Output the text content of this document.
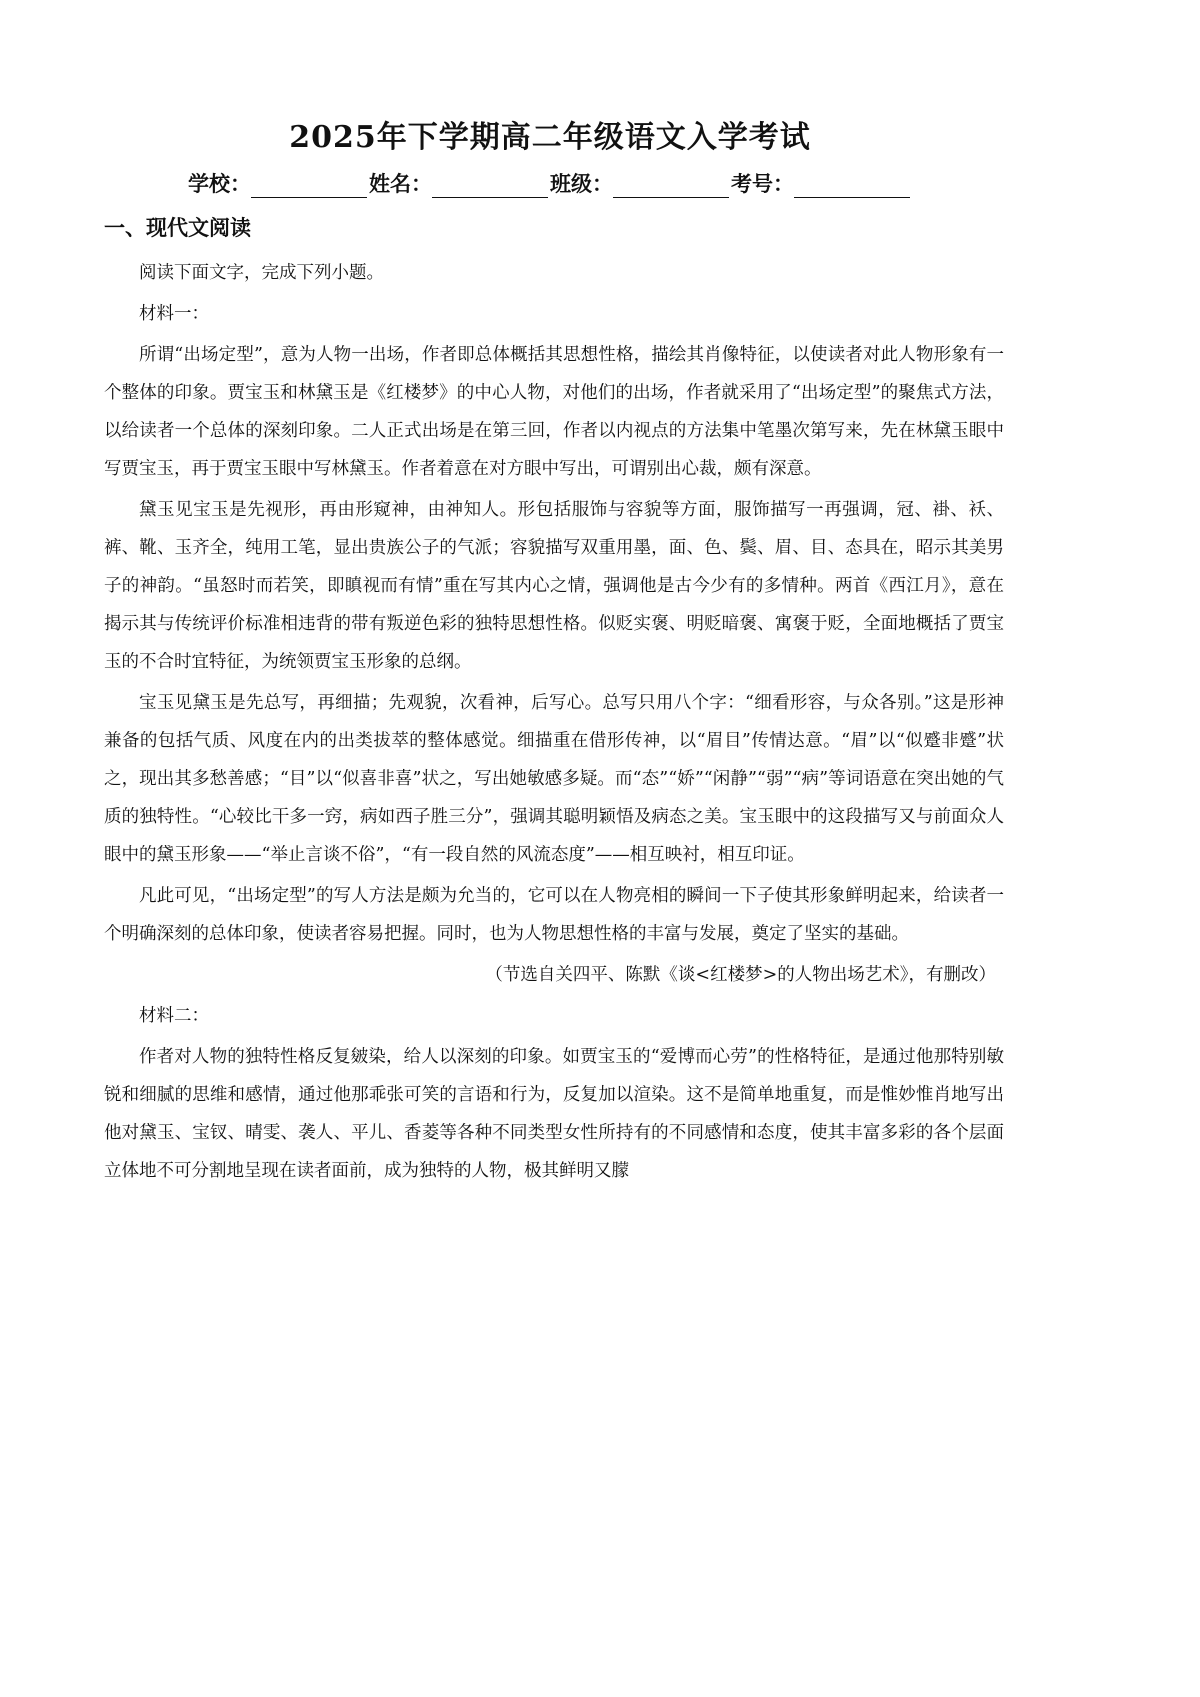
2025年下学期高二年级语文入学考试
学校：	姓名：	班级：	考号：
一、现代文阅读

阅读下面文字，完成下列小题。

材料一：

所谓“出场定型”，意为人物一出场，作者即总体概括其思想性格，描绘其肖像特征，以使读者对此人物形象有一个整体的印象。贾宝玉和林黛玉是《红楼梦》的中心人物，对他们的出场，作者就采用了“出场定型”的聚焦式方法，以给读者一个总体的深刻印象。二人正式出场是在第三回，作者以内视点的方法集中笔墨次第写来，先在林黛玉眼中写贾宝玉，再于贾宝玉眼中写林黛玉。作者着意在对方眼中写出，可谓别出心裁，颇有深意。

黛玉见宝玉是先视形，再由形窥神，由神知人。形包括服饰与容貌等方面，服饰描写一再强调，冠、褂、袄、裤、靴、玉齐全，纯用工笔，显出贵族公子的气派；容貌描写双重用墨，面、色、鬓、眉、目、态具在，昭示其美男子的神韵。“虽怒时而若笑，即瞋视而有情”重在写其内心之情，强调他是古今少有的多情种。两首《西江月》，意在揭示其与传统评价标准相违背的带有叛逆色彩的独特思想性格。似贬实褒、明贬暗褒、寓褒于贬，全面地概括了贾宝玉的不合时宜特征，为统领贾宝玉形象的总纲。

宝玉见黛玉是先总写，再细描；先观貌，次看神，后写心。总写只用八个字：“细看形容，与众各别。”这是形神兼备的包括气质、风度在内的出类拔萃的整体感觉。细描重在借形传神，以“眉目”传情达意。“眉”以“似蹙非蹙”状之，现出其多愁善感；“目”以“似喜非喜”状之，写出她敏感多疑。而“态”“娇”“闲静”“弱”“病”等词语意在突出她的气质的独特性。“心较比干多一窍，病如西子胜三分”，强调其聪明颖悟及病态之美。宝玉眼中的这段描写又与前面众人眼中的黛玉形象——“举止言谈不俗”，“有一段自然的风流态度”——相互映衬，相互印证。

凡此可见，“出场定型”的写人方法是颇为允当的，它可以在人物亮相的瞬间一下子使其形象鲜明起来，给读者一个明确深刻的总体印象，使读者容易把握。同时，也为人物思想性格的丰富与发展，奠定了坚实的基础。

（节选自关四平、陈默《谈<红楼梦>的人物出场艺术》，有删改）

材料二：

作者对人物的独特性格反复皴染，给人以深刻的印象。如贾宝玉的“爱博而心劳”的性格特征，是通过他那特别敏锐和细腻的思维和感情，通过他那乖张可笑的言语和行为，反复加以渲染。这不是简单地重复，而是惟妙惟肖地写出他对黛玉、宝钗、晴雯、袭人、平儿、香菱等各种不同类型女性所持有的不同感情和态度，使其丰富多彩的各个层面立体地不可分割地呈现在读者面前，成为独特的人物，极其鲜明又朦
